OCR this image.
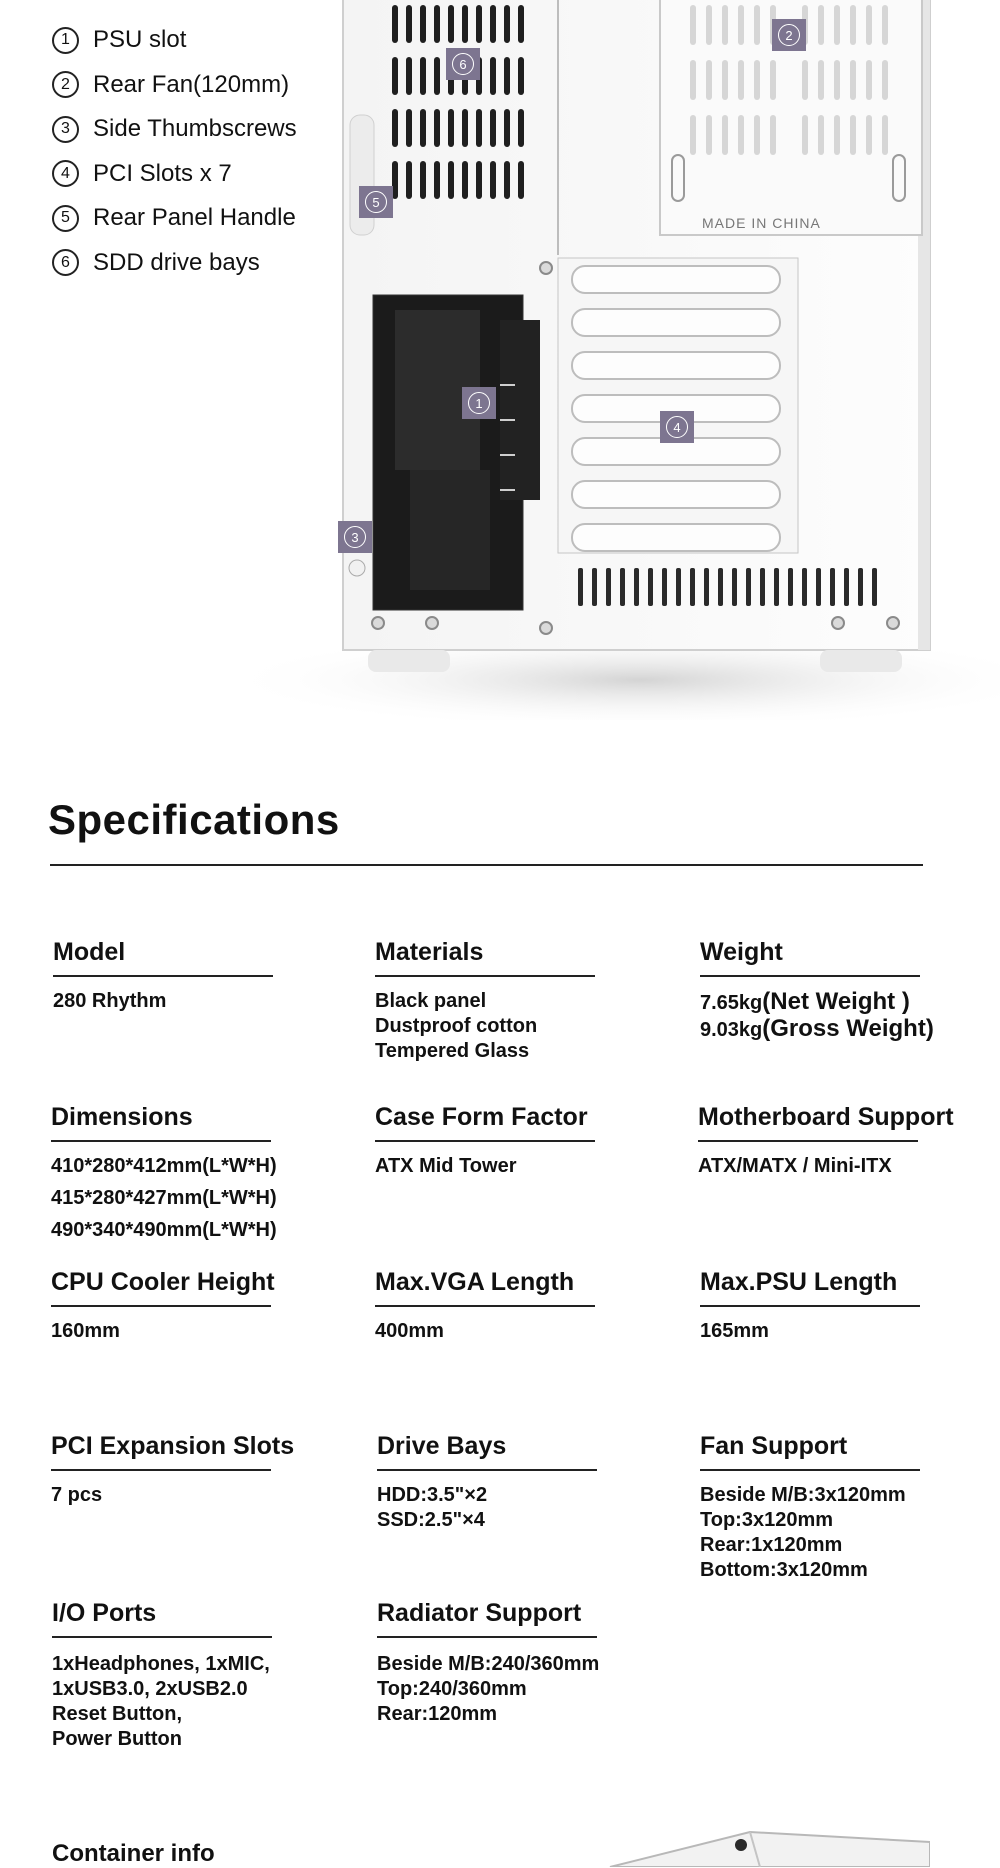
1 PSU slot
2 Rear Fan(120mm)
3 Side Thumbscrews
4 PCI Slots x 7
5 Rear Panel Handle
6 SDD drive bays
MADE IN CHINA
1
2
3
4
5
6
Specifications
Model
280 Rhythm
Materials
Black panel
Dustproof cotton
Tempered Glass
Weight
7.65kg(Net Weight )
9.03kg(Gross Weight)
Dimensions
410*280*412mm(L*W*H)
415*280*427mm(L*W*H)
490*340*490mm(L*W*H)
Case Form Factor
ATX Mid Tower
Motherboard Support
ATX/MATX / Mini-ITX
CPU Cooler Height
160mm
Max.VGA Length
400mm
Max.PSU Length
165mm
PCI Expansion Slots
7 pcs
Drive Bays
HDD:3.5"×2
SSD:2.5"×4
Fan Support
Beside M/B:3x120mm
Top:3x120mm
Rear:1x120mm
Bottom:3x120mm
I/O Ports
1xHeadphones, 1xMIC,
1xUSB3.0, 2xUSB2.0
Reset Button,
Power Button
Radiator Support
Beside M/B:240/360mm
Top:240/360mm
Rear:120mm
Container info
